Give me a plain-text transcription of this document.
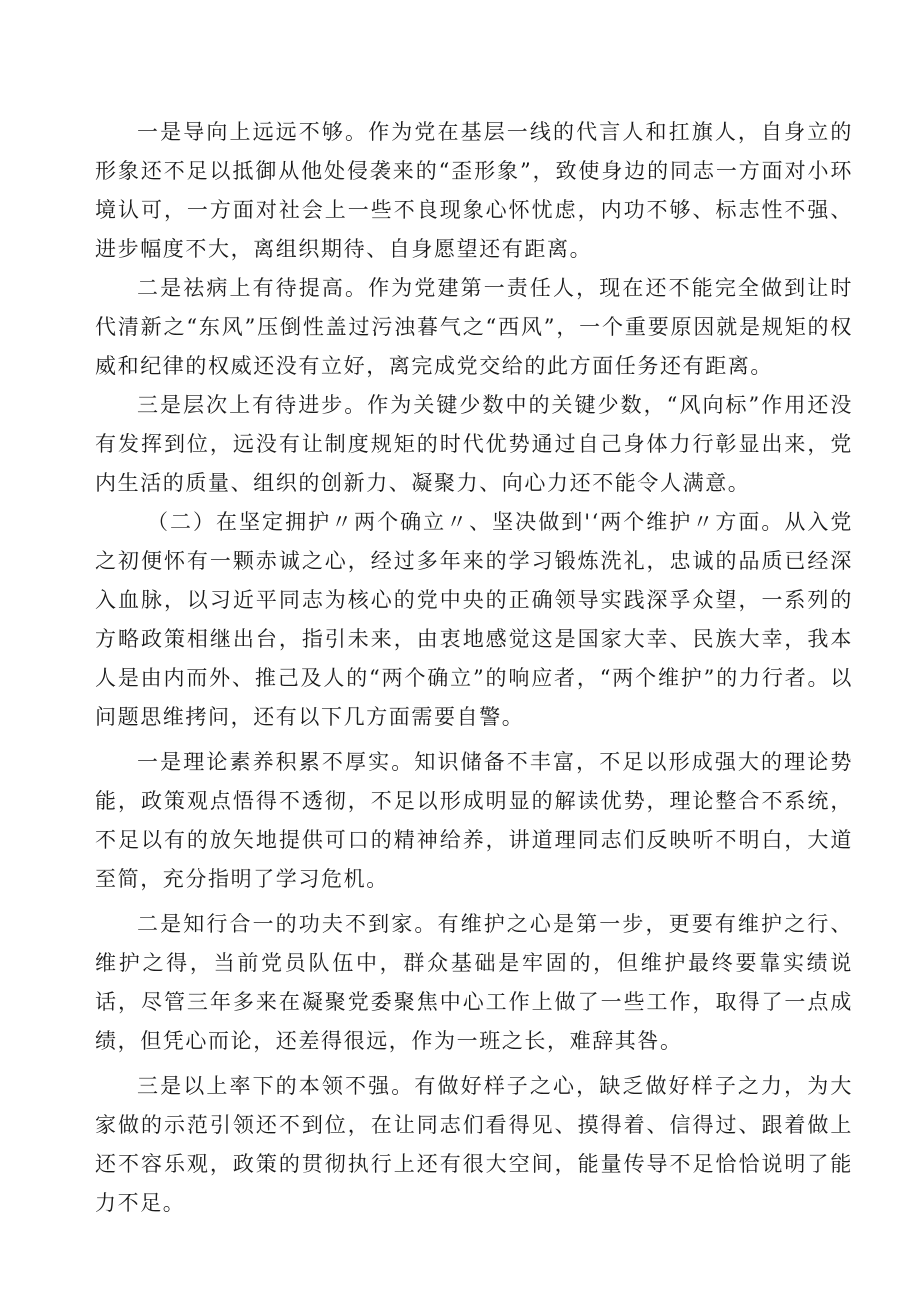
一是导向上远远不够。作为党在基层一线的代言人和扛旗人，自身立的形象还不足以抵御从他处侵袭来的“歪形象”，致使身边的同志一方面对小环境认可，一方面对社会上一些不良现象心怀忧虑，内功不够、标志性不强、进步幅度不大，离组织期待、自身愿望还有距离。

二是祛病上有待提高。作为党建第一责任人，现在还不能完全做到让时代清新之“东风”压倒性盖过污浊暮气之“西风”，一个重要原因就是规矩的权威和纪律的权威还没有立好，离完成党交给的此方面任务还有距离。

三是层次上有待进步。作为关键少数中的关键少数，“风向标”作用还没有发挥到位，远没有让制度规矩的时代优势通过自己身体力行彰显出来，党内生活的质量、组织的创新力、凝聚力、向心力还不能令人满意。

（二）在坚定拥护〃两个确立〃、坚决做到'‘两个维护〃方面。从入党之初便怀有一颗赤诚之心，经过多年来的学习锻炼洗礼，忠诚的品质已经深入血脉，以习近平同志为核心的党中央的正确领导实践深孚众望，一系列的方略政策相继出台，指引未来，由衷地感觉这是国家大幸、民族大幸，我本人是由内而外、推己及人的“两个确立”的响应者，“两个维护”的力行者。以问题思维拷问，还有以下几方面需要自警。

一是理论素养积累不厚实。知识储备不丰富，不足以形成强大的理论势能，政策观点悟得不透彻，不足以形成明显的解读优势，理论整合不系统，不足以有的放矢地提供可口的精神给养，讲道理同志们反映听不明白，大道至简，充分指明了学习危机。

二是知行合一的功夫不到家。有维护之心是第一步，更要有维护之行、维护之得，当前党员队伍中，群众基础是牢固的，但维护最终要靠实绩说话，尽管三年多来在凝聚党委聚焦中心工作上做了一些工作，取得了一点成绩，但凭心而论，还差得很远，作为一班之长，难辞其咎。

三是以上率下的本领不强。有做好样子之心，缺乏做好样子之力，为大家做的示范引领还不到位，在让同志们看得见、摸得着、信得过、跟着做上还不容乐观，政策的贯彻执行上还有很大空间，能量传导不足恰恰说明了能力不足。
